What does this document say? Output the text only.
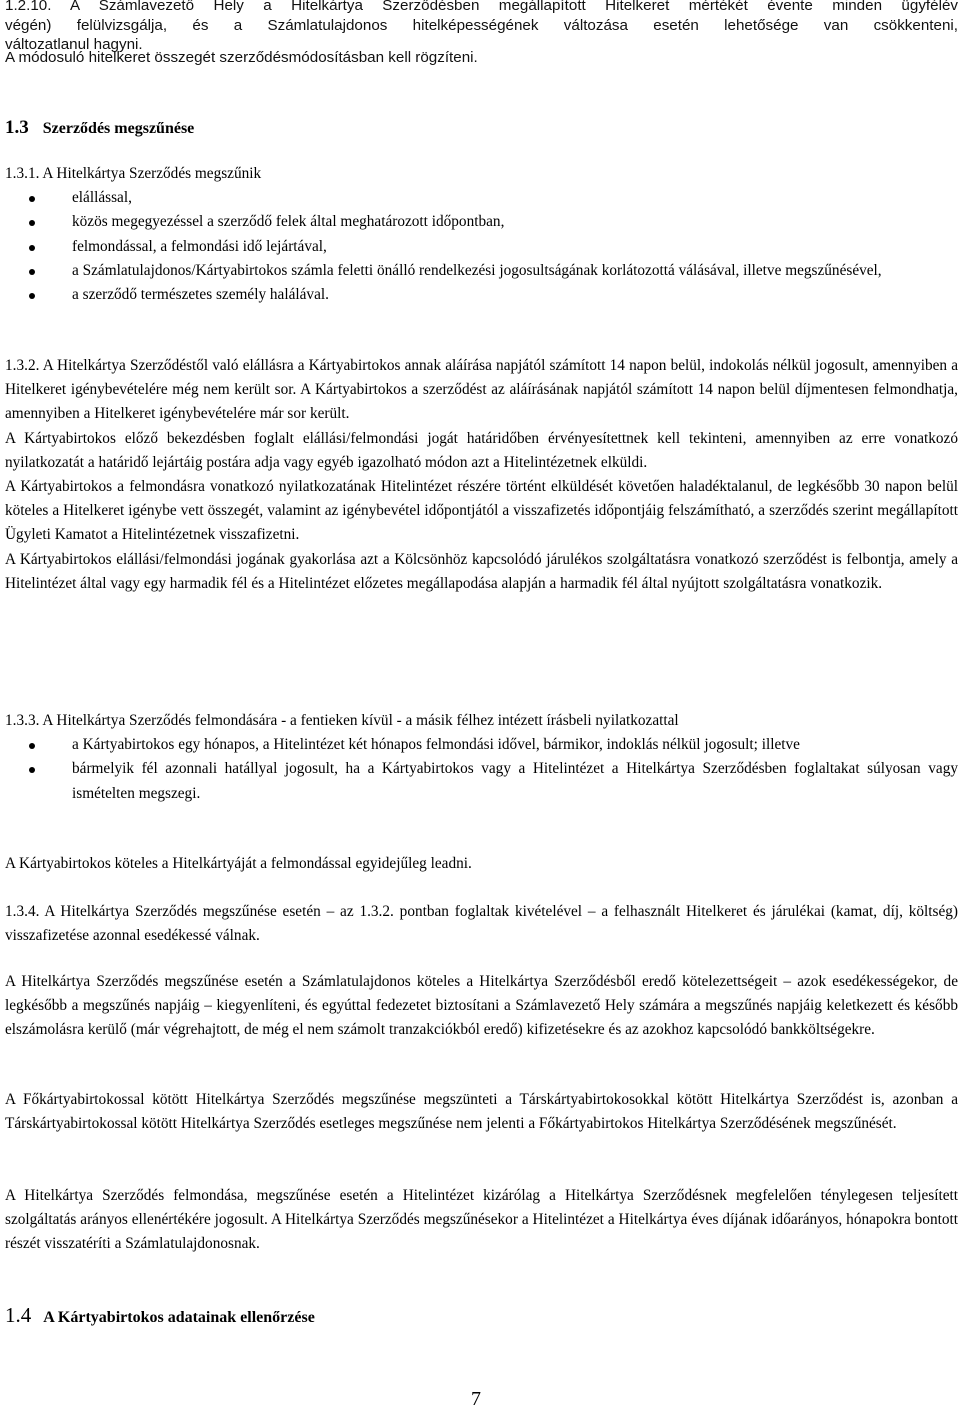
1.2.10. A Számlavezető Hely a Hitelkártya Szerződésben megállapított Hitelkeret mértékét évente minden ügyfélév
végén) felülvizsgálja, és a Számlatulajdonos hitelképességének változása esetén lehetősége van csökkenteni,
változatlanul hagyni.
A módosuló hitelkeret összegét szerződésmódosításban kell rögzíteni.
1.3 Szerződés megszűnése
1.3.1. A Hitelkártya Szerződés megszűnik
elállással,
közös megegyezéssel a szerződő felek által meghatározott időpontban,
felmondással, a felmondási idő lejártával,
a Számlatulajdonos/Kártyabirtokos számla feletti önálló rendelkezési jogosultságának korlátozottá válásával, illetve megszűnésével,
a szerződő természetes személy halálával.
1.3.2. A Hitelkártya Szerződéstől való elállásra a Kártyabirtokos annak aláírása napjától számított 14 napon belül, indokolás nélkül jogosult, amennyiben a Hitelkeret igénybevételére még nem került sor. A Kártyabirtokos a szerződést az aláírásának napjától számított 14 napon belül díjmentesen felmondhatja, amennyiben a Hitelkeret igénybevételére már sor került.
A Kártyabirtokos előző bekezdésben foglalt elállási/felmondási jogát határidőben érvényesítettnek kell tekinteni, amennyiben az erre vonatkozó nyilatkozatát a határidő lejártáig postára adja vagy egyéb igazolható módon azt a Hitelintézetnek elküldi.
A Kártyabirtokos a felmondásra vonatkozó nyilatkozatának Hitelintézet részére történt elküldését követően haladéktalanul, de legkésőbb 30 napon belül köteles a Hitelkeret igénybe vett összegét, valamint az igénybevétel időpontjától a visszafizetés időpontjáig felszámítható, a szerződés szerint megállapított Ügyleti Kamatot a Hitelintézetnek visszafizetni.
A Kártyabirtokos elállási/felmondási jogának gyakorlása azt a Kölcsönhöz kapcsolódó járulékos szolgáltatásra vonatkozó szerződést is felbontja, amely a Hitelintézet által vagy egy harmadik fél és a Hitelintézet előzetes megállapodása alapján a harmadik fél által nyújtott szolgáltatásra vonatkozik.
1.3.3. A Hitelkártya Szerződés felmondására - a fentieken kívül - a másik félhez intézett írásbeli nyilatkozattal
a Kártyabirtokos egy hónapos, a Hitelintézet két hónapos felmondási idővel, bármikor, indoklás nélkül jogosult; illetve
bármelyik fél azonnali hatállyal jogosult, ha a Kártyabirtokos vagy a Hitelintézet a Hitelkártya Szerződésben foglaltakat súlyosan vagy ismételten megszegi.
A Kártyabirtokos köteles a Hitelkártyáját a felmondással egyidejűleg leadni.
1.3.4. A Hitelkártya Szerződés megszűnése esetén – az 1.3.2. pontban foglaltak kivételével – a felhasznált Hitelkeret és járulékai (kamat, díj, költség) visszafizetése azonnal esedékessé válnak.
A Hitelkártya Szerződés megszűnése esetén a Számlatulajdonos köteles a Hitelkártya Szerződésből eredő kötelezettségeit – azok esedékességekor, de legkésőbb a megszűnés napjáig – kiegyenlíteni, és egyúttal fedezetet biztosítani a Számlavezető Hely számára a megszűnés napjáig keletkezett és később elszámolásra kerülő (már végrehajtott, de még el nem számolt tranzakciókból eredő) kifizetésekre és az azokhoz kapcsolódó bankköltségekre.
A Főkártyabirtokossal kötött Hitelkártya Szerződés megszűnése megszünteti a Társkártyabirtokosokkal kötött Hitelkártya Szerződést is, azonban a Társkártyabirtokossal kötött Hitelkártya Szerződés esetleges megszűnése nem jelenti a Főkártyabirtokos Hitelkártya Szerződésének megszűnését.
A Hitelkártya Szerződés felmondása, megszűnése esetén a Hitelintézet kizárólag a Hitelkártya Szerződésnek megfelelően ténylegesen teljesített szolgáltatás arányos ellenértékére jogosult. A Hitelkártya Szerződés megszűnésekor a Hitelintézet a Hitelkártya éves díjának időarányos, hónapokra bontott részét visszatéríti a Számlatulajdonosnak.
1.4 A Kártyabirtokos adatainak ellenőrzése
7
